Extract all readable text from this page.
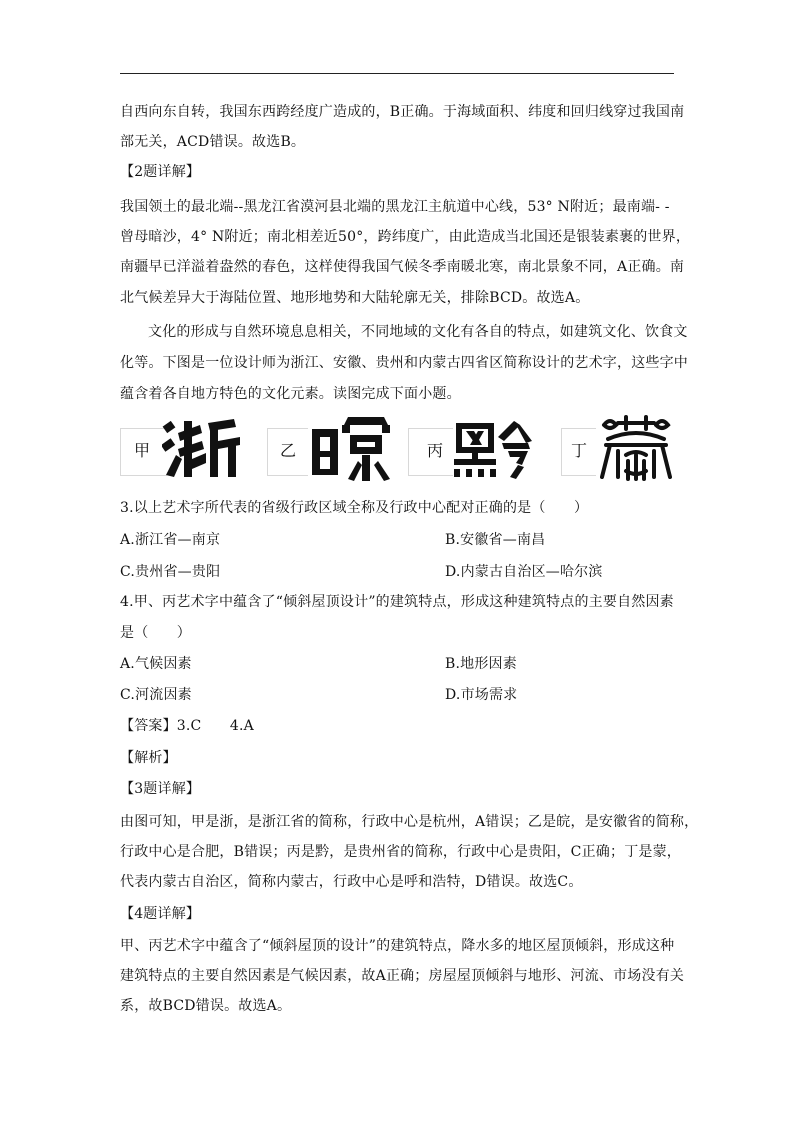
自西向东自转，我国东西跨经度广造成的，B正确。于海域面积、纬度和回归线穿过我国南
部无关，ACD错误。故选B。
【2题详解】
我国领土的最北端--黑龙江省漠河县北端的黑龙江主航道中心线，53° N附近；最南端- -
曾母暗沙，4° N附近；南北相差近50°，跨纬度广，由此造成当北国还是银装素裹的世界，
南疆早已洋溢着盎然的春色，这样使得我国气候冬季南暖北寒，南北景象不同，A正确。南
北气候差异大于海陆位置、地形地势和大陆轮廓无关，排除BCD。故选A。
文化的形成与自然环境息息相关，不同地域的文化有各自的特点，如建筑文化、饮食文
化等。下图是一位设计师为浙江、安徽、贵州和内蒙古四省区简称设计的艺术字，这些字中
蕴含着各自地方特色的文化元素。读图完成下面小题。
甲	乙	丙	丁
3.以上艺术字所代表的省级行政区域全称及行政中心配对正确的是（　　）
A.浙江省—南京	B.安徽省—南昌
C.贵州省—贵阳	D.内蒙古自治区—哈尔滨
4.甲、丙艺术字中蕴含了“倾斜屋顶设计”的建筑特点，形成这种建筑特点的主要自然因素
是（　　）
A.气候因素	B.地形因素
C.河流因素	D.市场需求
【答案】3.C　　4.A
【解析】
【3题详解】
由图可知，甲是浙，是浙江省的简称，行政中心是杭州，A错误；乙是皖，是安徽省的简称，
行政中心是合肥，B错误；丙是黔，是贵州省的简称，行政中心是贵阳，C正确；丁是蒙，
代表内蒙古自治区，简称内蒙古，行政中心是呼和浩特，D错误。故选C。
【4题详解】
甲、丙艺术字中蕴含了“倾斜屋顶的设计”的建筑特点，降水多的地区屋顶倾斜，形成这种
建筑特点的主要自然因素是气候因素，故A正确；房屋屋顶倾斜与地形、河流、市场没有关
系，故BCD错误。故选A。
